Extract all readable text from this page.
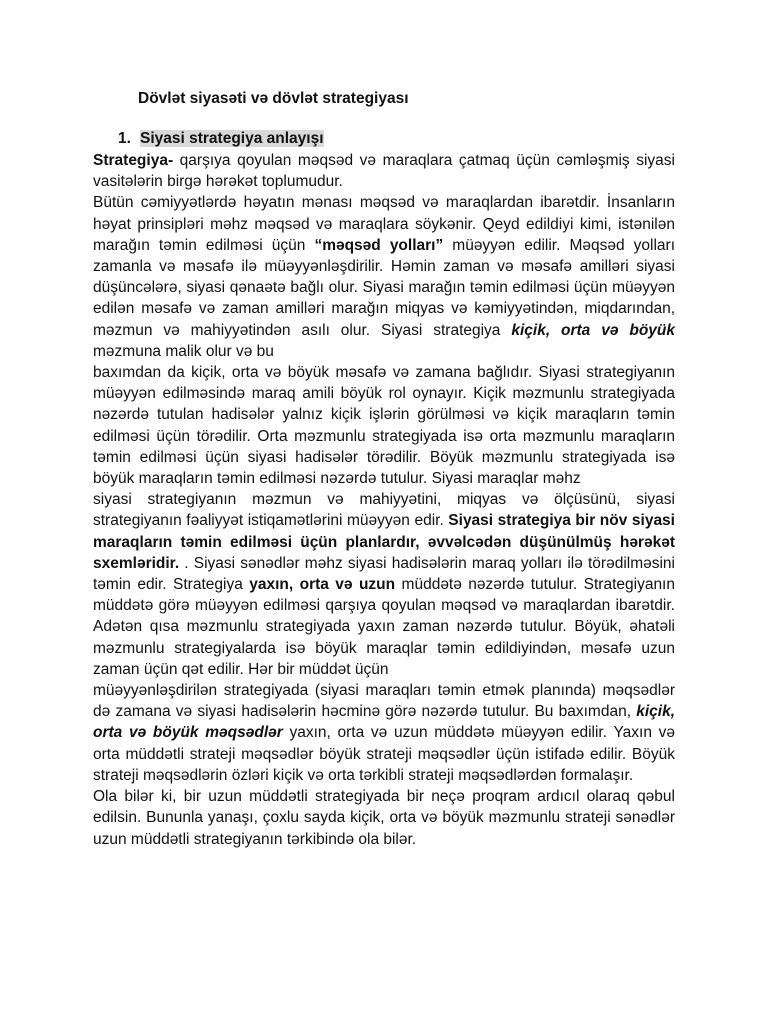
Dövlət siyasəti və dövlət strategiyası
1. Siyasi strategiya anlayışı

Strategiya- qarşıya qoyulan məqsəd və maraqlara çatmaq üçün cəmləşmiş siyasi vasitələrin birgə hərəkət toplumudur.

Bütün cəmiyyətlərdə həyatın mənası məqsəd və maraqlardan ibarətdir. İnsanların həyat prinsipləri məhz məqsəd və maraqlara söykənir. Qeyd edildiyi kimi, istənilən marağın təmin edilməsi üçün “məqsəd yolları” müəyyən edilir. Məqsəd yolları zamanla və məsafə ilə müəyyənləşdirilir. Həmin zaman və məsafə amilləri siyasi düşüncələrə, siyasi qənaətə bağlı olur. Siyasi marağın təmin edilməsi üçün müəyyən edilən məsafə və zaman amilləri marağın miqyas və kəmiyyətindən, miqdarından, məzmun və mahiyyətindən asılı olur. Siyasi strategiya kiçik, orta və böyük məzmuna malik olur və bu

baxımdan da kiçik, orta və böyük məsafə və zamana bağlıdır. Siyasi strategiyanın müəyyən edilməsində maraq amili böyük rol oynayır. Kiçik məzmunlu strategiyada nəzərdə tutulan hadisələr yalnız kiçik işlərin görülməsi və kiçik maraqların təmin edilməsi üçün törədilir. Orta məzmunlu strategiyada isə orta məzmunlu maraqların təmin edilməsi üçün siyasi hadisələr törədilir. Böyük məzmunlu strategiyada isə böyük maraqların təmin edilməsi nəzərdə tutulur. Siyasi maraqlar məhz

siyasi strategiyanın məzmun və mahiyyətini, miqyas və ölçüsünü, siyasi strategiyanın fəaliyyət istiqamətlərini müəyyən edir. Siyasi strategiya bir növ siyasi maraqların təmin edilməsi üçün planlardır, əvvəlcədən düşünülmüş hərəkət sxemləridir. . Siyasi sənədlər məhz siyasi hadisələrin maraq yolları ilə törədilməsini təmin edir. Strategiya yaxın, orta və uzun müddətə nəzərdə tutulur. Strategiyanın müddətə görə müəyyən edilməsi qarşıya qoyulan məqsəd və maraqlardan ibarətdir. Adətən qısa məzmunlu strategiyada yaxın zaman nəzərdə tutulur. Böyük, əhatəli məzmunlu strategiyalarda isə böyük maraqlar təmin edildiyindən, məsafə uzun zaman üçün qət edilir. Hər bir müddət üçün

müəyyənləşdirilən strategiyada (siyasi maraqları təmin etmək planında) məqsədlər də zamana və siyasi hadisələrin həcminə görə nəzərdə tutulur. Bu baxımdan, kiçik, orta və böyük məqsədlər yaxın, orta və uzun müddətə müəyyən edilir. Yaxın və orta müddətli strateji məqsədlər böyük strateji məqsədlər üçün istifadə edilir. Böyük strateji məqsədlərin özləri kiçik və orta tərkibli strateji məqsədlərdən formalaşır.

Ola bilər ki, bir uzun müddətli strategiyada bir neçə proqram ardıcıl olaraq qəbul edilsin. Bununla yanaşı, çoxlu sayda kiçik, orta və böyük məzmunlu strateji sənədlər uzun müddətli strategiyanın tərkibində ola bilər.
